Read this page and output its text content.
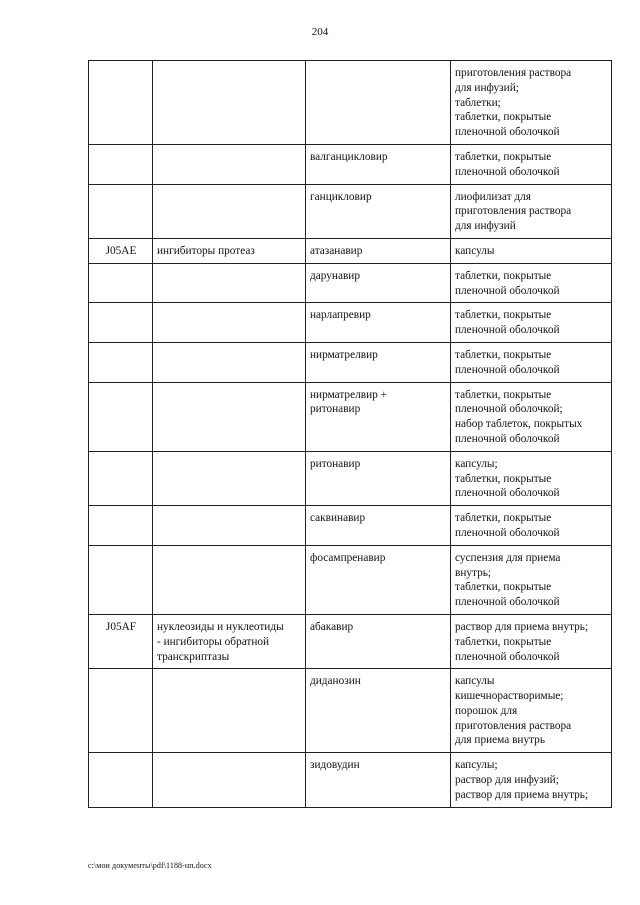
204

			приготовления раствора
для инфузий;
таблетки;
таблетки, покрытые
пленочной оболочкой

		валганцикловир	таблетки, покрытые
пленочной оболочкой

		ганцикловир	лиофилизат для
приготовления раствора
для инфузий

J05AE	ингибиторы протеаз	атазанавир	капсулы

		дарунавир	таблетки, покрытые
пленочной оболочкой

		нарлапревир	таблетки, покрытые
пленочной оболочкой

		нирматрелвир	таблетки, покрытые
пленочной оболочкой

		нирматрелвир +
ритонавир	таблетки, покрытые
пленочной оболочкой;
набор таблеток, покрытых
пленочной оболочкой

		ритонавир	капсулы;
таблетки, покрытые
пленочной оболочкой

		саквинавир	таблетки, покрытые
пленочной оболочкой

		фосампренавир	суспензия для приема
внутрь;
таблетки, покрытые
пленочной оболочкой

J05AF	нуклеозиды и нуклеотиды
- ингибиторы обратной
транскриптазы	абакавир	раствор для приема внутрь;
таблетки, покрытые
пленочной оболочкой

		диданозин	капсулы
кишечнорастворимые;
порошок для
приготовления раствора
для приема внутрь

		зидовудин	капсулы;
раствор для инфузий;
раствор для приема внутрь;
c:\мои документы\pdf\1188-нп.docx
